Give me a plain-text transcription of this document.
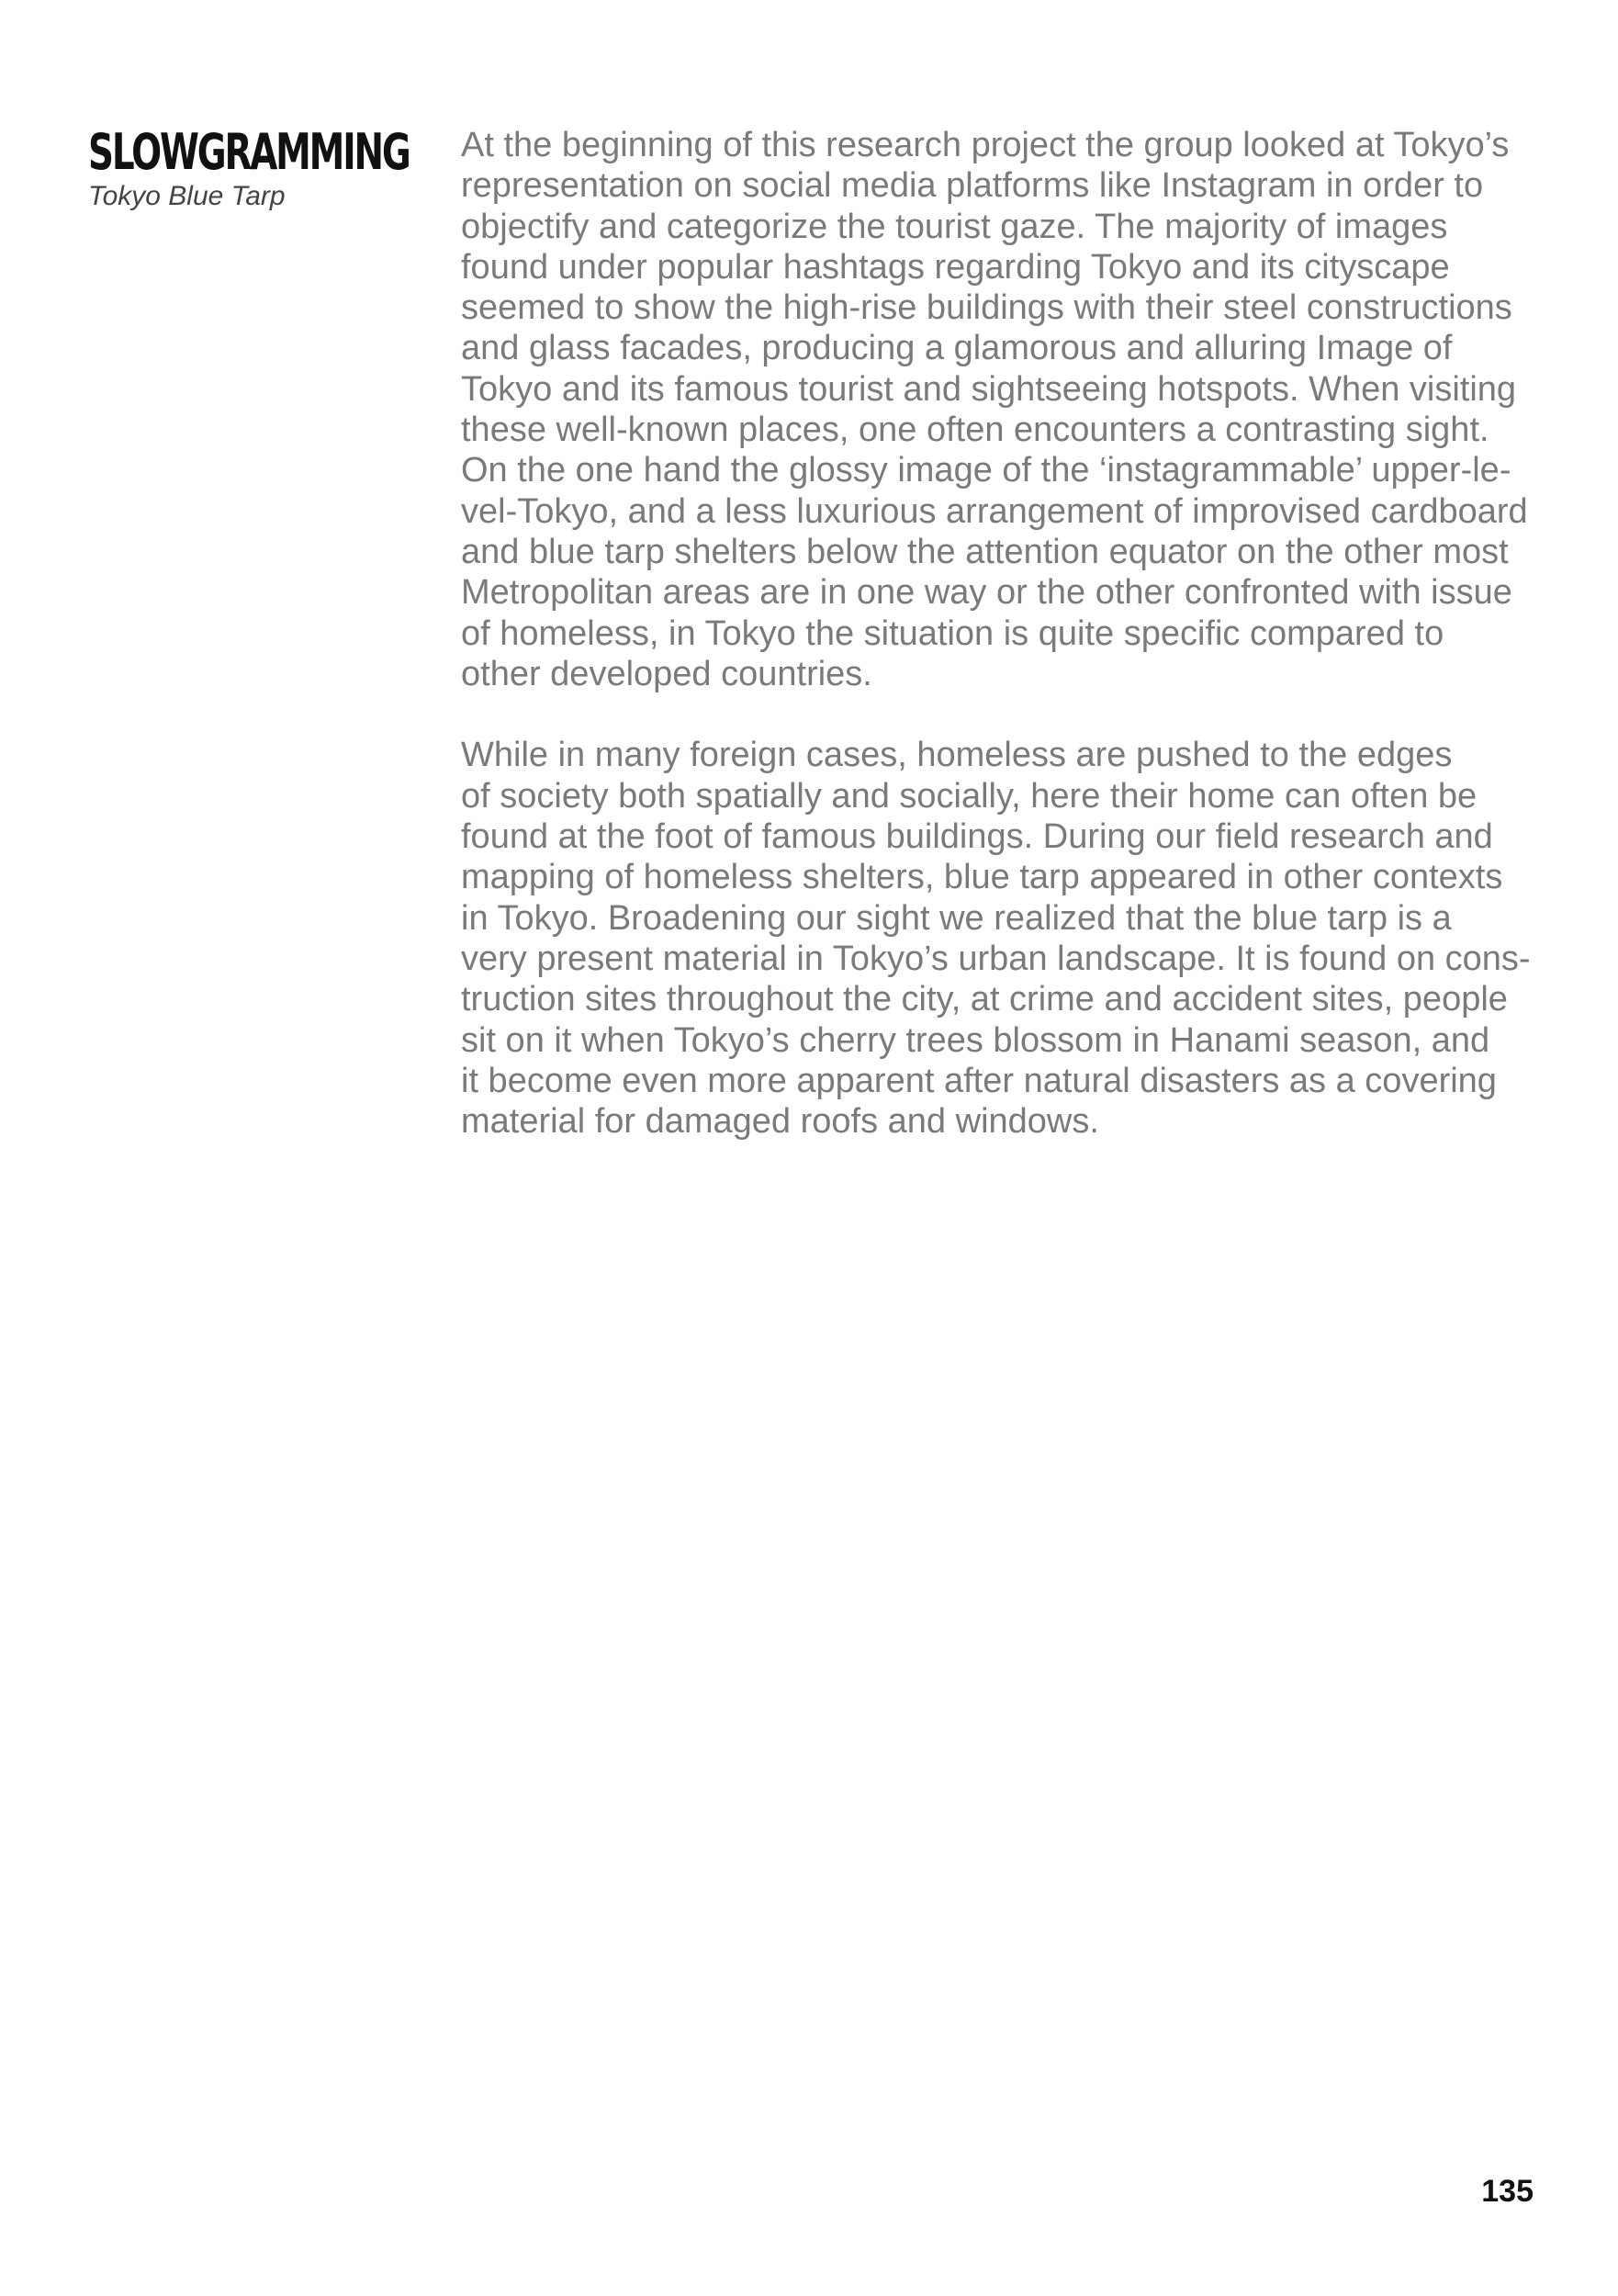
SLOWGRAMMING
Tokyo Blue Tarp
At the beginning of this research project the group looked at Tokyo’s
representation on social media platforms like Instagram in order to
objectify and categorize the tourist gaze. The majority of images
found under popular hashtags regarding Tokyo and its cityscape
seemed to show the high-rise buildings with their steel constructions
and glass facades, producing a glamorous and alluring Image of
Tokyo and its famous tourist and sightseeing hotspots. When visiting
these well-known places, one often encounters a contrasting sight.
On the one hand the glossy image of the ‘instagrammable’ upper-le-
vel-Tokyo, and a less luxurious arrangement of improvised cardboard
and blue tarp shelters below the attention equator on the other most
Metropolitan areas are in one way or the other confronted with issue
of homeless, in Tokyo the situation is quite specific compared to
other developed countries.
While in many foreign cases, homeless are pushed to the edges
of society both spatially and socially, here their home can often be
found at the foot of famous buildings. During our field research and
mapping of homeless shelters, blue tarp appeared in other contexts
in Tokyo. Broadening our sight we realized that the blue tarp is a
very present material in Tokyo’s urban landscape. It is found on cons-
truction sites throughout the city, at crime and accident sites, people
sit on it when Tokyo’s cherry trees blossom in Hanami season, and
it become even more apparent after natural disasters as a covering
material for damaged roofs and windows.
135
